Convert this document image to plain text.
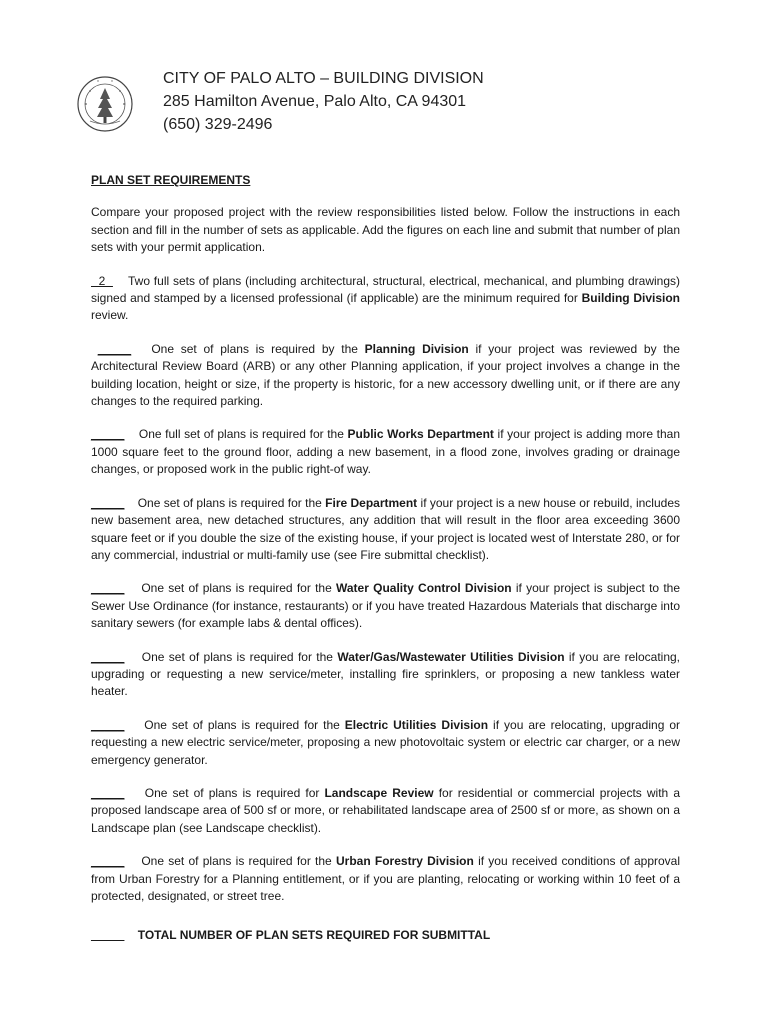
CITY OF PALO ALTO – BUILDING DIVISION
285 Hamilton Avenue, Palo Alto, CA 94301
(650) 329-2496
PLAN SET REQUIREMENTS
Compare your proposed project with the review responsibilities listed below. Follow the instructions in each section and fill in the number of sets as applicable. Add the figures on each line and submit that number of plan sets with your permit application.
2      Two full sets of plans (including architectural, structural, electrical, mechanical, and plumbing drawings) signed and stamped by a licensed professional (if applicable) are the minimum required for Building Division review.
_____ One set of plans is required by the Planning Division if your project was reviewed by the Architectural Review Board (ARB) or any other Planning application, if your project involves a change in the building location, height or size, if the property is historic, for a new accessory dwelling unit, or if there are any changes to the required parking.
_____ One full set of plans is required for the Public Works Department if your project is adding more than 1000 square feet to the ground floor, adding a new basement, in a flood zone, involves grading or drainage changes, or proposed work in the public right-of way.
_____ One set of plans is required for the Fire Department if your project is a new house or rebuild, includes new basement area, new detached structures, any addition that will result in the floor area exceeding 3600 square feet or if you double the size of the existing house, if your project is located west of Interstate 280, or for any commercial, industrial or multi-family use (see Fire submittal checklist).
_____ One set of plans is required for the Water Quality Control Division if your project is subject to the Sewer Use Ordinance (for instance, restaurants) or if you have treated Hazardous Materials that discharge into sanitary sewers (for example labs & dental offices).
_____ One set of plans is required for the Water/Gas/Wastewater Utilities Division if you are relocating, upgrading or requesting a new service/meter, installing fire sprinklers, or proposing a new tankless water heater.
_____ One set of plans is required for the Electric Utilities Division if you are relocating, upgrading or requesting a new electric service/meter, proposing a new photovoltaic system or electric car charger, or a new emergency generator.
_____ One set of plans is required for Landscape Review for residential or commercial projects with a proposed landscape area of 500 sf or more, or rehabilitated landscape area of 2500 sf or more, as shown on a Landscape plan (see Landscape checklist).
_____ One set of plans is required for the Urban Forestry Division if you received conditions of approval from Urban Forestry for a Planning entitlement, or if you are planting, relocating or working within 10 feet of a protected, designated, or street tree.
_____ TOTAL NUMBER OF PLAN SETS REQUIRED FOR SUBMITTAL
